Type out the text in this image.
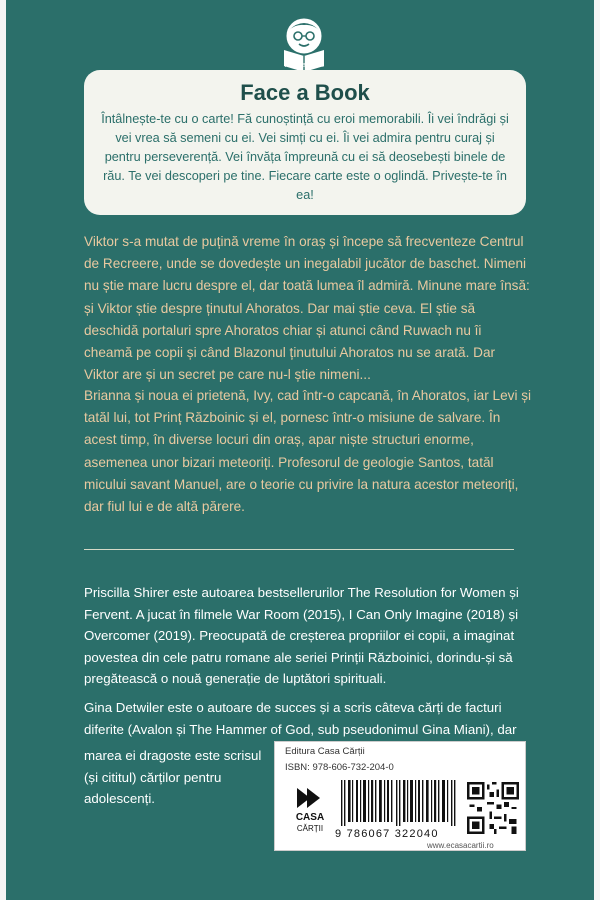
Face a Book
Face a Book
Întâlnește-te cu o carte! Fă cunoștință cu eroi memorabili. Îi vei îndrăgi și vei vrea să semeni cu ei. Vei simți cu ei. Îi vei admira pentru curaj și pentru perseverență. Vei învăța împreună cu ei să deosebești binele de rău. Te vei descoperi pe tine. Fiecare carte este o oglindă. Privește-te în ea!
Viktor s-a mutat de puțină vreme în oraș și începe să frecventeze Centrul de Recreere, unde se dovedește un inegalabil jucător de baschet. Nimeni nu știe mare lucru despre el, dar toată lumea îl admiră. Minune mare însă: și Viktor știe despre ținutul Ahoratos. Dar mai știe ceva. El știe să deschidă portaluri spre Ahoratos chiar și atunci când Ruwach nu îi cheamă pe copii și când Blazonul ținutului Ahoratos nu se arată. Dar Viktor are și un secret pe care nu-l știe nimeni...
Brianna și noua ei prietenă, Ivy, cad într-o capcană, în Ahoratos, iar Levi și tatăl lui, tot Prinț Războinic și el, pornesc într-o misiune de salvare. În acest timp, în diverse locuri din oraș, apar niște structuri enorme, asemenea unor bizari meteoriți. Profesorul de geologie Santos, tatăl micului savant Manuel, are o teorie cu privire la natura acestor meteoriți, dar fiul lui e de altă părere.
Priscilla Shirer este autoarea bestsellerurilor The Resolution for Women și Fervent. A jucat în filmele War Room (2015), I Can Only Imagine (2018) și Overcomer (2019). Preocupată de creșterea propriilor ei copii, a imaginat povestea din cele patru romane ale seriei Prinții Războinici, dorindu-și să pregătească o nouă generație de luptători spirituali.
Gina Detwiler este o autoare de succes și a scris câteva cărți de facturi diferite (Avalon și The Hammer of God, sub pseudonimul Gina Miani), dar
marea ei dragoste este scrisul (și cititul) cărților pentru adolescenți.
Editura Casa Cărții
ISBN: 978-606-732-204-0
CASA
CĂRȚII 9 786067 322040
www.ecasacartii.ro
